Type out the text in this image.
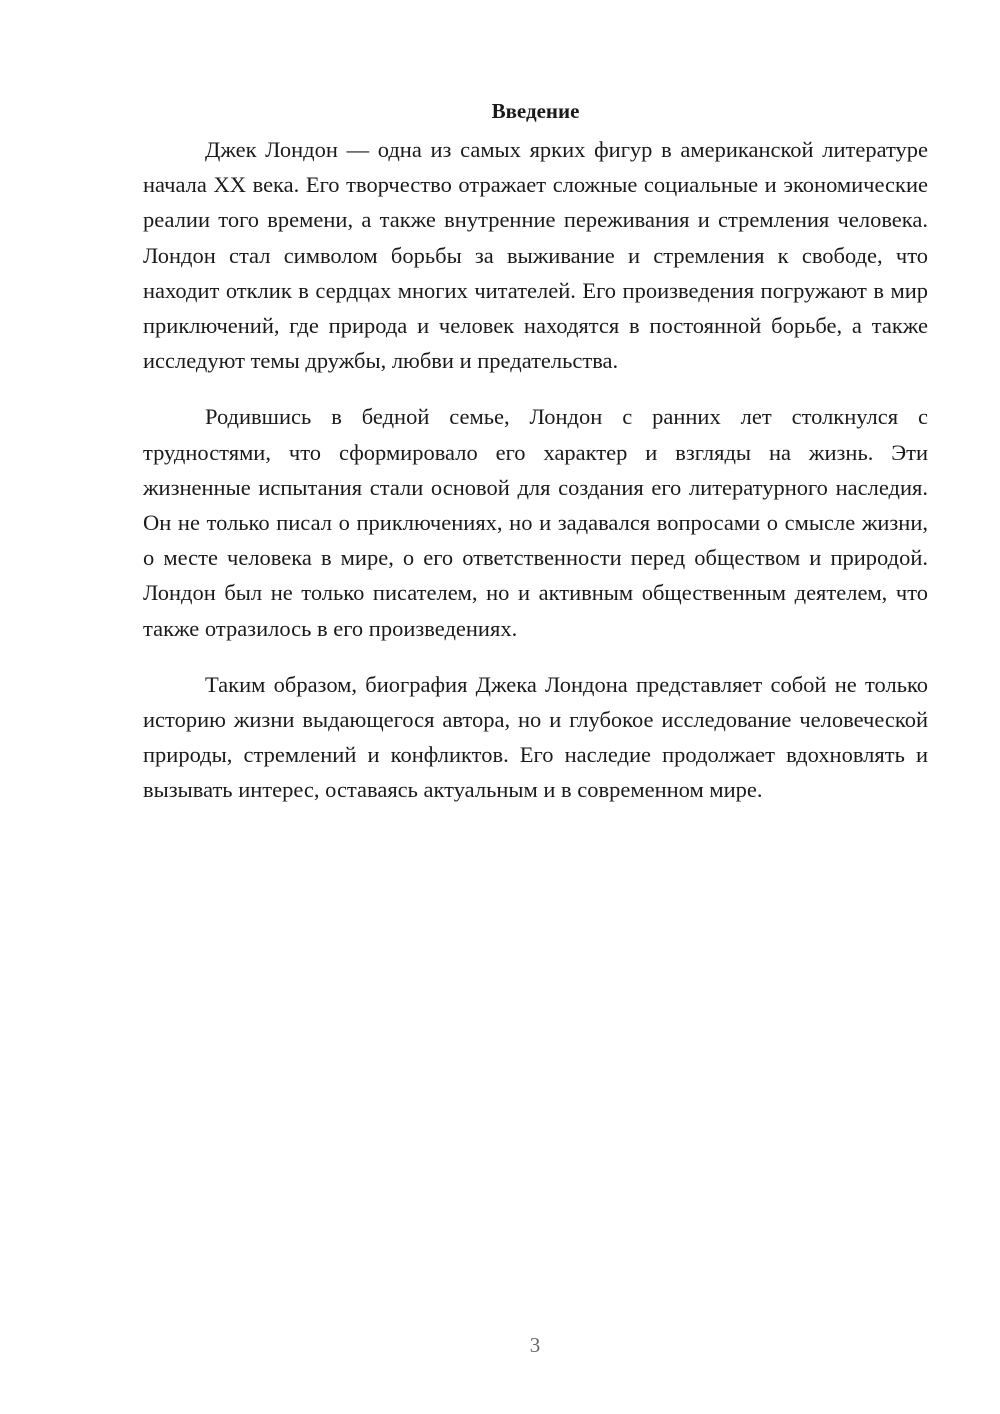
Введение

Джек Лондон — одна из самых ярких фигур в американской литературе начала XX века. Его творчество отражает сложные социальные и экономические реалии того времени, а также внутренние переживания и стремления человека. Лондон стал символом борьбы за выживание и стремления к свободе, что находит отклик в сердцах многих читателей. Его произведения погружают в мир приключений, где природа и человек находятся в постоянной борьбе, а также исследуют темы дружбы, любви и предательства.

Родившись в бедной семье, Лондон с ранних лет столкнулся с трудностями, что сформировало его характер и взгляды на жизнь. Эти жизненные испытания стали основой для создания его литературного наследия. Он не только писал о приключениях, но и задавался вопросами о смысле жизни, о месте человека в мире, о его ответственности перед обществом и природой. Лондон был не только писателем, но и активным общественным деятелем, что также отразилось в его произведениях.

Таким образом, биография Джека Лондона представляет собой не только историю жизни выдающегося автора, но и глубокое исследование человеческой природы, стремлений и конфликтов. Его наследие продолжает вдохновлять и вызывать интерес, оставаясь актуальным и в современном мире.

3
